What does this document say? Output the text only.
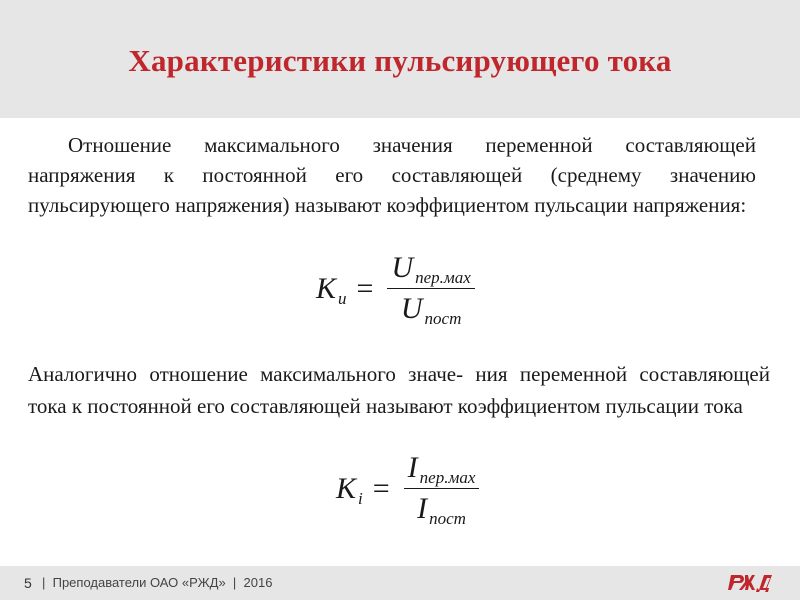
Характеристики пульсирующего тока
Отношение максимального значения переменной составляющей напряжения к постоянной его составляющей (среднему значению пульсирующего напряжения) называют коэффициентом пульсации напряжения:
K $u = \frac{\text{U пер.мах}}{\text{U пост}}$
Аналогично отношение максимального значе- ния переменной составляющей тока к постоянной его составляющей называют коэффициентом пульсации тока
K $i = \frac{\text{I пер.мах}}{\text{I пост}}$
5 |  Преподаватели ОАО «РЖД»  |  2016
